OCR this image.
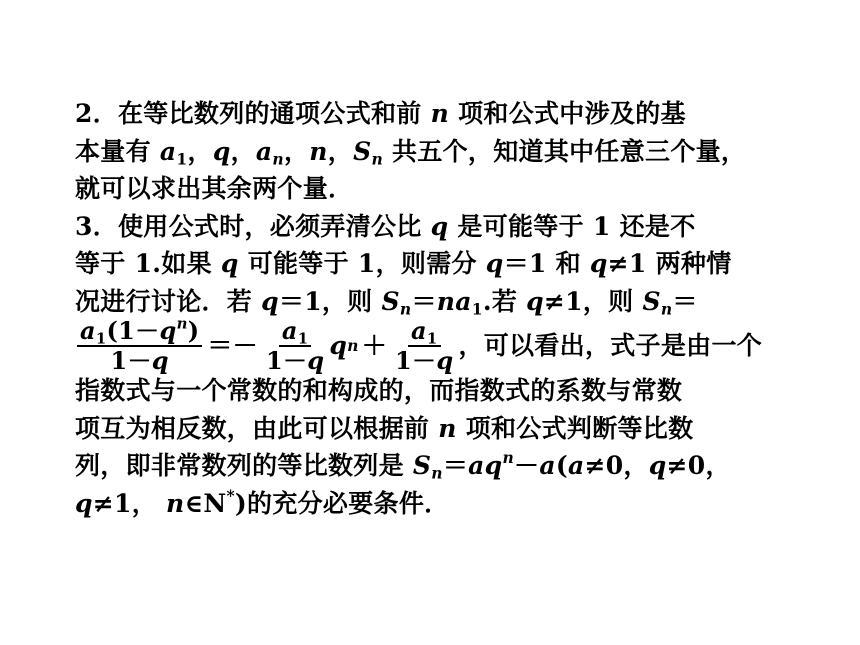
2．在等比数列的通项公式和前 n 项和公式中涉及的基
本量有 $a_1$，q，$a_n$，n，$S_n$ 共五个，知道其中任意三个量，
就可以求出其余两个量．
3．使用公式时，必须弄清公比 q 是可能等于 1 还是不
等于 1.如果 q 可能等于 1，则需分 q＝1 和 q≠1 两种情
况进行讨论．若 q＝1，则 $S_n=na_1$.若 q≠1，则 $S_n=$
$\frac{a_1(1-q^n)}{1-q} =- \frac{a_1}{1-q}$ q $n + \frac{a_1}{1-q}$ ，可以看出，式子是由一个
指数式与一个常数的和构成的，而指数式的系数与常数
项互为相反数，由此可以根据前 n 项和公式判断等比数
列，即非常数列的等比数列是 $S_n=aq^n-a(a\ne 0$，q≠0，
q≠1， n∈N*)的充分必要条件．
